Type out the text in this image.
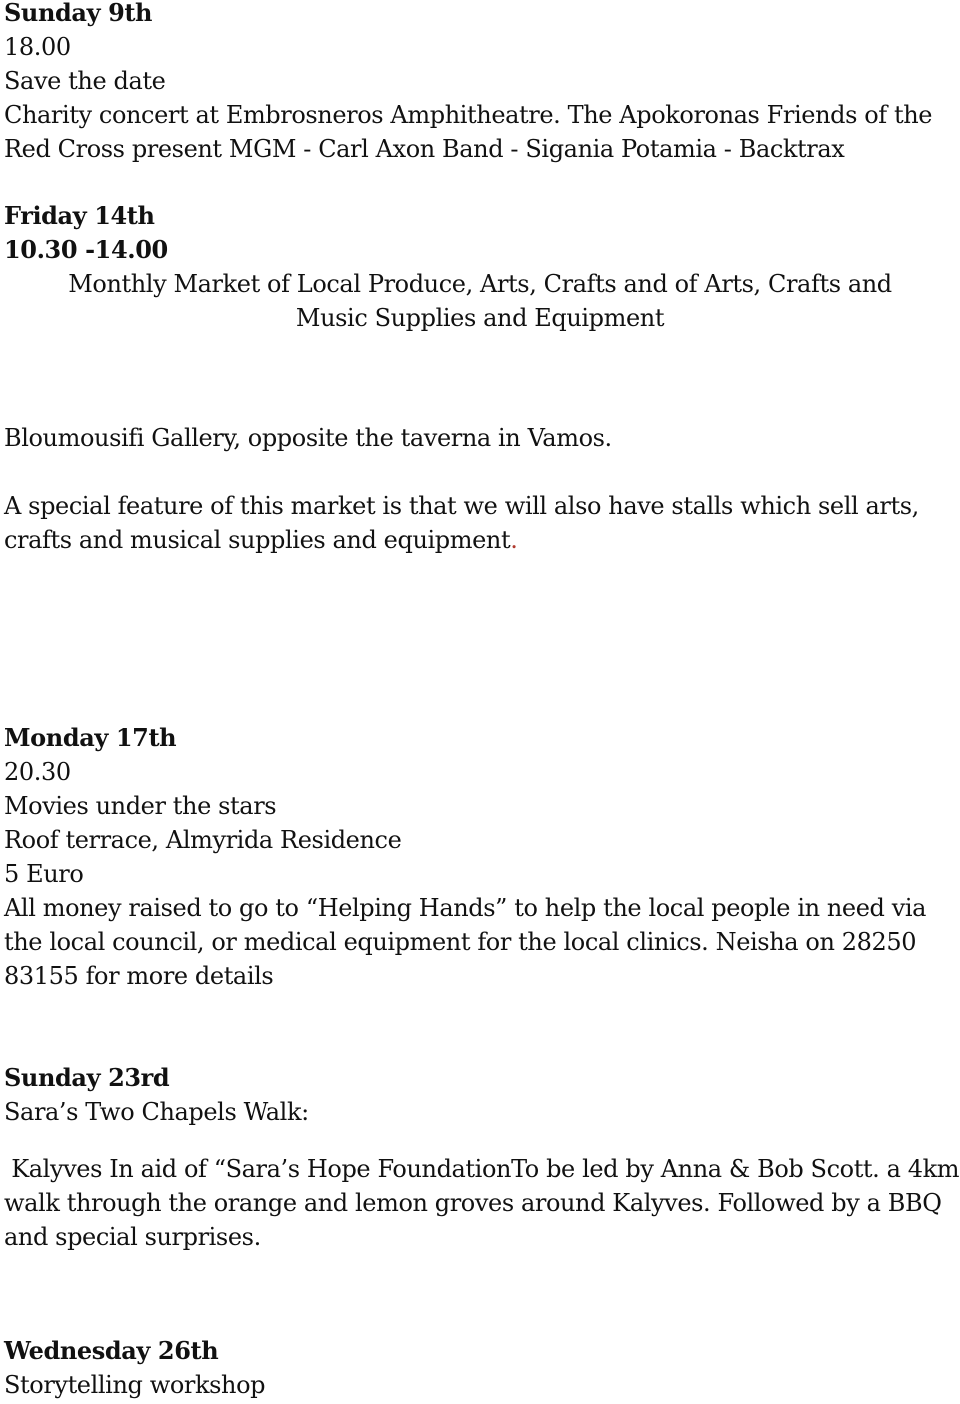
Sunday 9th
18.00
Save the date
Charity concert at Embrosneros Amphitheatre. The Apokoronas Friends of the
Red Cross present MGM - Carl Axon Band - Sigania Potamia - Backtrax
Friday 14th
10.30 -14.00
Monthly Market of Local Produce, Arts, Crafts and of Arts, Crafts and
Music Supplies and Equipment
Bloumousifi Gallery, opposite the taverna in Vamos.
A special feature of this market is that we will also have stalls which sell arts,
crafts and musical supplies and equipment.
Monday 17th
20.30
Movies under the stars
Roof terrace, Almyrida Residence
5 Euro
All money raised to go to “Helping Hands” to help the local people in need via
the local council, or medical equipment for the local clinics. Neisha on 28250
83155 for more details
Sunday 23rd
Sara’s Two Chapels Walk:
Kalyves In aid of “Sara’s Hope FoundationTo be led by Anna & Bob Scott. a 4km
walk through the orange and lemon groves around Kalyves. Followed by a BBQ
and special surprises.
Wednesday 26th
Storytelling workshop
